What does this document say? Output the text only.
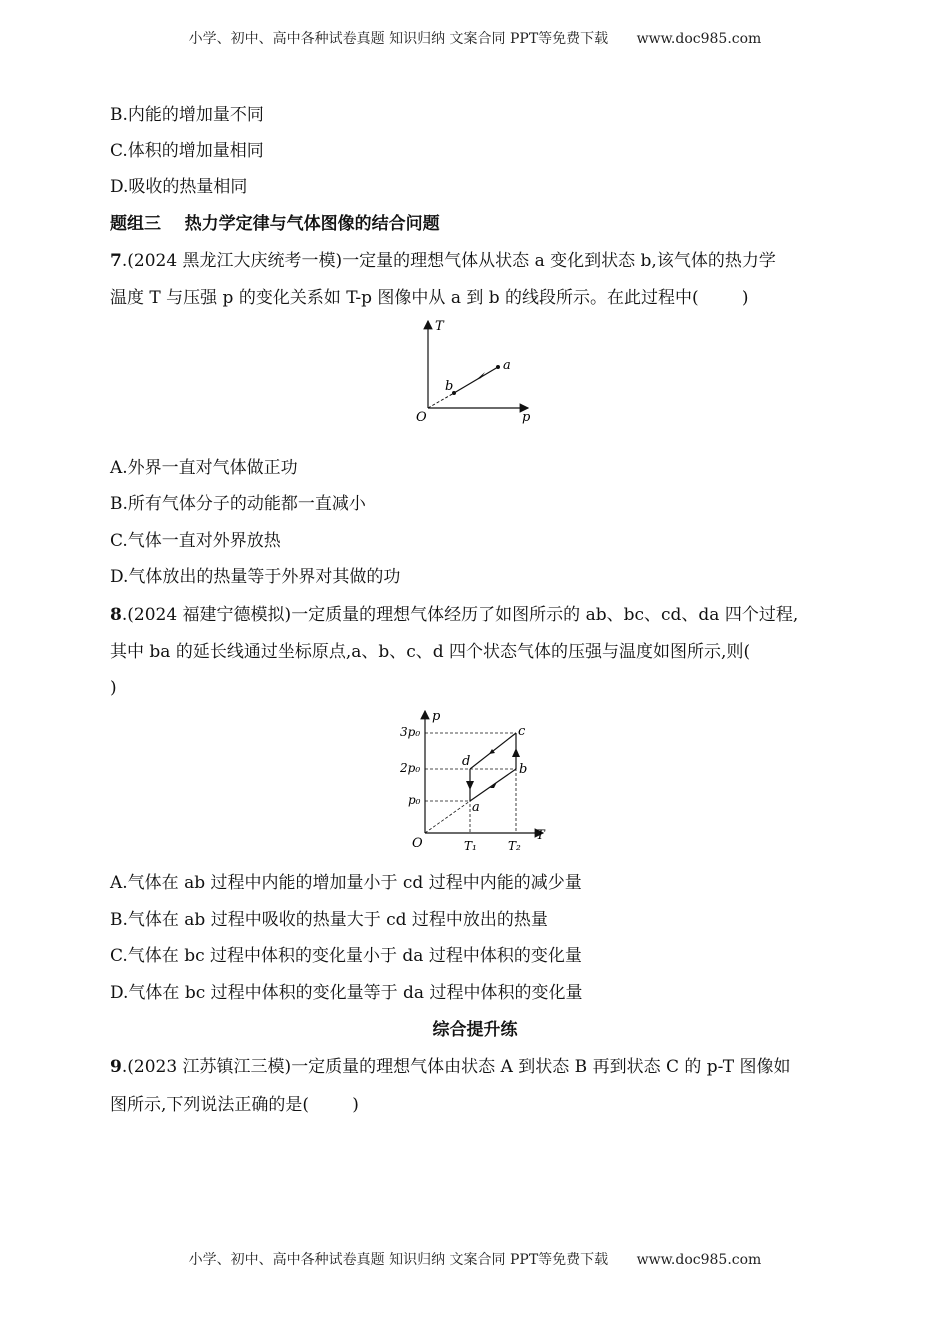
小学、初中、高中各种试卷真题 知识归纳 文案合同 PPT等免费下载 www.doc985.com
B.内能的增加量不同
C.体积的增加量相同
D.吸收的热量相同
题组三    热力学定律与气体图像的结合问题
7.(2024 黑龙江大庆统考一模)一定量的理想气体从状态 a 变化到状态 b,该气体的热力学
温度 T 与压强 p 的变化关系如 T-p 图像中从 a 到 b 的线段所示。在此过程中(        )
T
p
O
a
b
A.外界一直对气体做正功
B.所有气体分子的动能都一直减小
C.气体一直对外界放热
D.气体放出的热量等于外界对其做的功
8.(2024 福建宁德模拟)一定质量的理想气体经历了如图所示的 ab、bc、cd、da 四个过程,
其中 ba 的延长线通过坐标原点,a、b、c、d 四个状态气体的压强与温度如图所示,则(
)
p
T
O
3p₀
2p₀
p₀
T₁	T₂
a
b
c
d
A.气体在 ab 过程中内能的增加量小于 cd 过程中内能的减少量
B.气体在 ab 过程中吸收的热量大于 cd 过程中放出的热量
C.气体在 bc 过程中体积的变化量小于 da 过程中体积的变化量
D.气体在 bc 过程中体积的变化量等于 da 过程中体积的变化量
综合提升练
9.(2023 江苏镇江三模)一定质量的理想气体由状态 A 到状态 B 再到状态 C 的 p-T 图像如
图所示,下列说法正确的是(        )
小学、初中、高中各种试卷真题 知识归纳 文案合同 PPT等免费下载 www.doc985.com
